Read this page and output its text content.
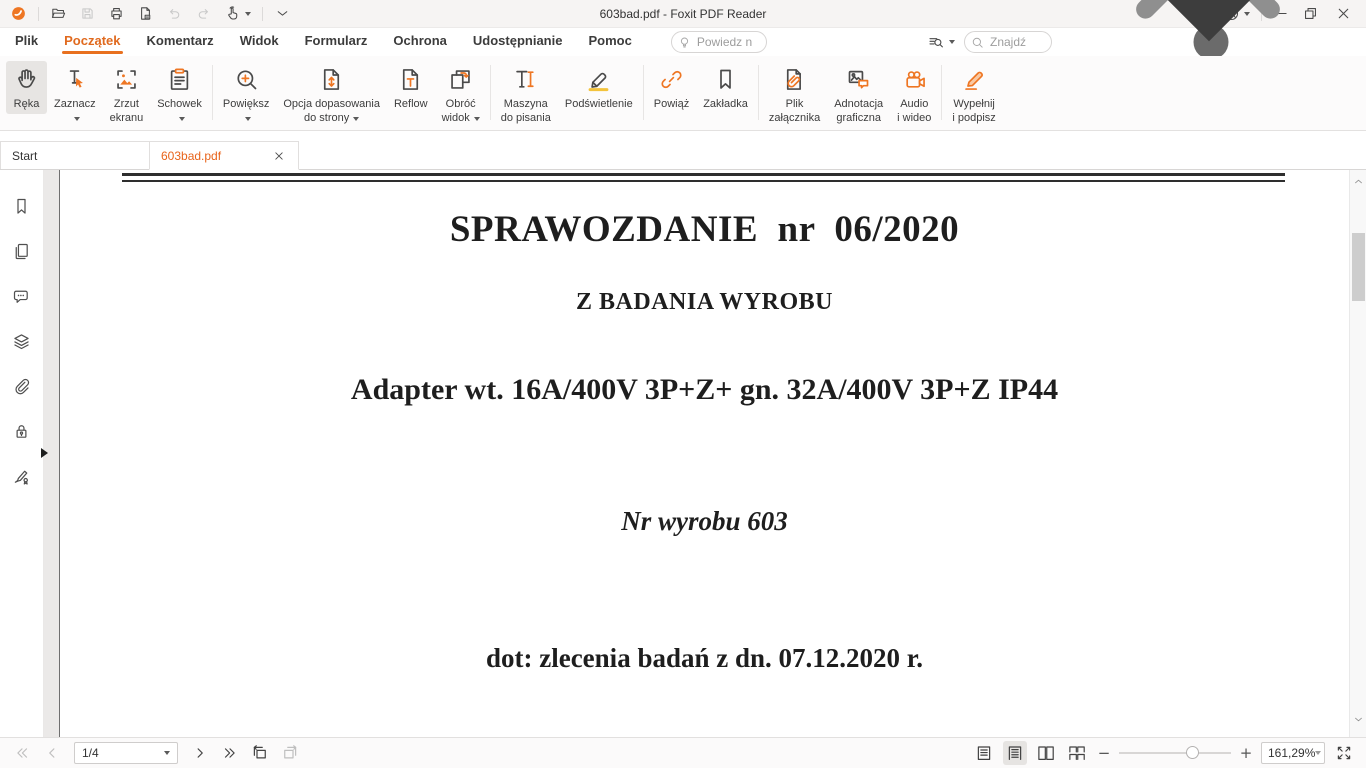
603bad.pdf - Foxit PDF Reader
Plik	Początek	Komentarz	Widok	Formularz	Ochrona	Udostępnianie	Pomoc	Powiedz n	Znajdź
Ręka Zaznacz	Zrzut
ekranu
Schowek Powiększ Opcja dopasowania
do strony
Reflow	Obróć
widok
Maszyna
do pisania
Podświetlenie Powiąż Zakładka	Plik
załącznika
Adnotacja
graficzna
Audio
i wideo
Wypełnij
i podpisz
Start	603bad.pdf
SPRAWOZDANIE  nr  06/2020
Z BADANIA WYROBU
Adapter wt. 16A/400V 3P+Z+ gn. 32A/400V 3P+Z IP44
Nr wyrobu 603
dot: zlecenia badań z dn. 07.12.2020 r.
1/4	−	+ 161,29%
